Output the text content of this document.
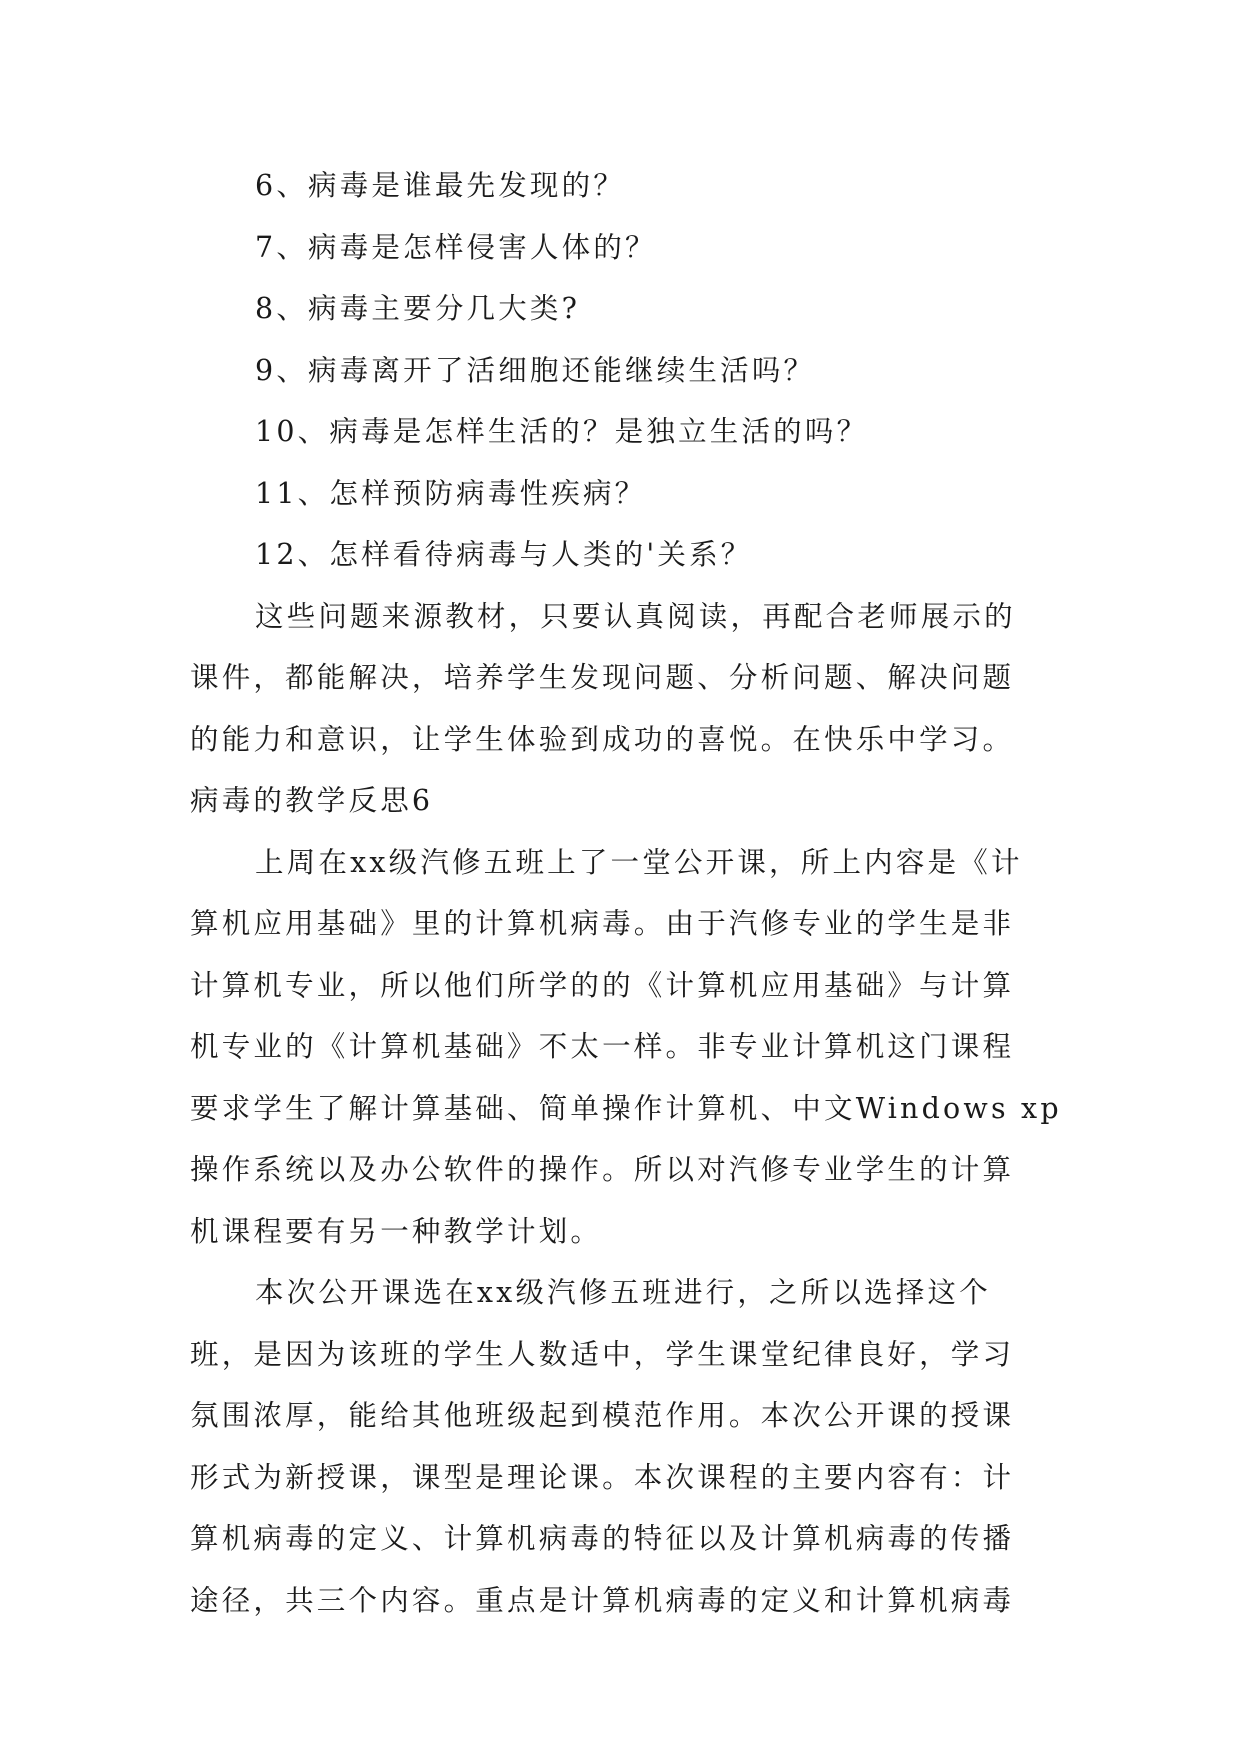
6、病毒是谁最先发现的？
7、病毒是怎样侵害人体的？
8、病毒主要分几大类?
9、病毒离开了活细胞还能继续生活吗？
10、病毒是怎样生活的？是独立生活的吗？
11、怎样预防病毒性疾病？
12、怎样看待病毒与人类的'关系？
这些问题来源教材，只要认真阅读，再配合老师展示的
课件，都能解决，培养学生发现问题、分析问题、解决问题
的能力和意识，让学生体验到成功的喜悦。在快乐中学习。
病毒的教学反思6
上周在xx级汽修五班上了一堂公开课，所上内容是《计
算机应用基础》里的计算机病毒。由于汽修专业的学生是非
计算机专业，所以他们所学的的《计算机应用基础》与计算
机专业的《计算机基础》不太一样。非专业计算机这门课程
要求学生了解计算基础、简单操作计算机、中文Windows xp
操作系统以及办公软件的操作。所以对汽修专业学生的计算
机课程要有另一种教学计划。
本次公开课选在xx级汽修五班进行，之所以选择这个
班，是因为该班的学生人数适中，学生课堂纪律良好，学习
氛围浓厚，能给其他班级起到模范作用。本次公开课的授课
形式为新授课，课型是理论课。本次课程的主要内容有：计
算机病毒的定义、计算机病毒的特征以及计算机病毒的传播
途径，共三个内容。重点是计算机病毒的定义和计算机病毒
